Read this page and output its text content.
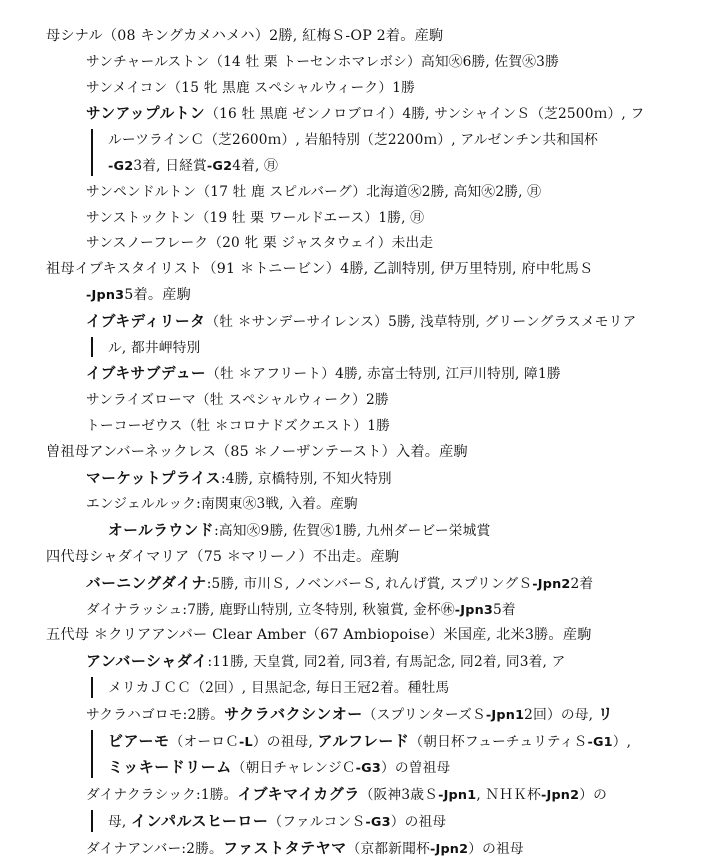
母シナル（08 キングカメハメハ）2勝, 紅梅Ｓ-OP 2着。産駒

サンチャールストン（14 牡 栗 トーセンホマレボシ）高知㊋6勝, 佐賀㊋3勝

サンメイコン（15 牝 黒鹿 スペシャルウィーク）1勝

サンアップルトン（16 牡 黒鹿 ゼンノロブロイ）4勝, サンシャインＳ（芝2500ｍ）, フ

ルーツラインＣ（芝2600ｍ）, 岩船特別（芝2200ｍ）, アルゼンチン共和国杯

-G23着, 日経賞-G24着, ㊊

サンペンドルトン（17 牡 鹿 スピルバーグ）北海道㊋2勝, 高知㊋2勝, ㊊

サンストックトン（19 牡 栗 ワールドエース）1勝, ㊊

サンスノーフレーク（20 牝 栗 ジャスタウェイ）未出走

祖母イブキスタイリスト（91 ＊トニービン）4勝, 乙訓特別, 伊万里特別, 府中牝馬Ｓ

-Jpn35着。産駒

イブキディリータ（牡 ＊サンデーサイレンス）5勝, 浅草特別, グリーングラスメモリア

ル, 都井岬特別

イブキサブデュー（牡 ＊アフリート）4勝, 赤富士特別, 江戸川特別, 障1勝

サンライズローマ（牡 スペシャルウィーク）2勝

トーコーゼウス（牡 ＊コロナドズクエスト）1勝

曽祖母アンバーネックレス（85 ＊ノーザンテースト）入着。産駒

マーケットプライス:4勝, 京橋特別, 不知火特別

エンジェルルック:南関東㊋3戦, 入着。産駒

オールラウンド:高知㊋9勝, 佐賀㊋1勝, 九州ダービー栄城賞

四代母シャダイマリア（75 ＊マリーノ）不出走。産駒

バーニングダイナ:5勝, 市川Ｓ, ノベンバーＳ, れんげ賞, スプリングＳ-Jpn22着

ダイナラッシュ:7勝, 鹿野山特別, 立冬特別, 秋嶺賞, 金杯㊡-Jpn35着

五代母 ＊クリアアンバー Clear Amber（67 Ambiopoise）米国産, 北米3勝。産駒

アンバーシャダイ:11勝, 天皇賞, 同2着, 同3着, 有馬記念, 同2着, 同3着, ア

メリカＪＣＣ（2回）, 目黒記念, 毎日王冠2着。種牡馬

サクラハゴロモ:2勝。サクラバクシンオー（スプリンターズＳ-Jpn12回）の母, リ

ビアーモ（オーロＣ-L）の祖母, アルフレード（朝日杯フューチュリティＳ-G1）,

ミッキードリーム（朝日チャレンジＣ-G3）の曽祖母

ダイナクラシック:1勝。イブキマイカグラ（阪神3歳Ｓ-Jpn1, ＮＨＫ杯-Jpn2）の

母, インパルスヒーロー（ファルコンＳ-G3）の祖母

ダイナアンバー:2勝。ファストタテヤマ（京都新聞杯-Jpn2）の祖母
